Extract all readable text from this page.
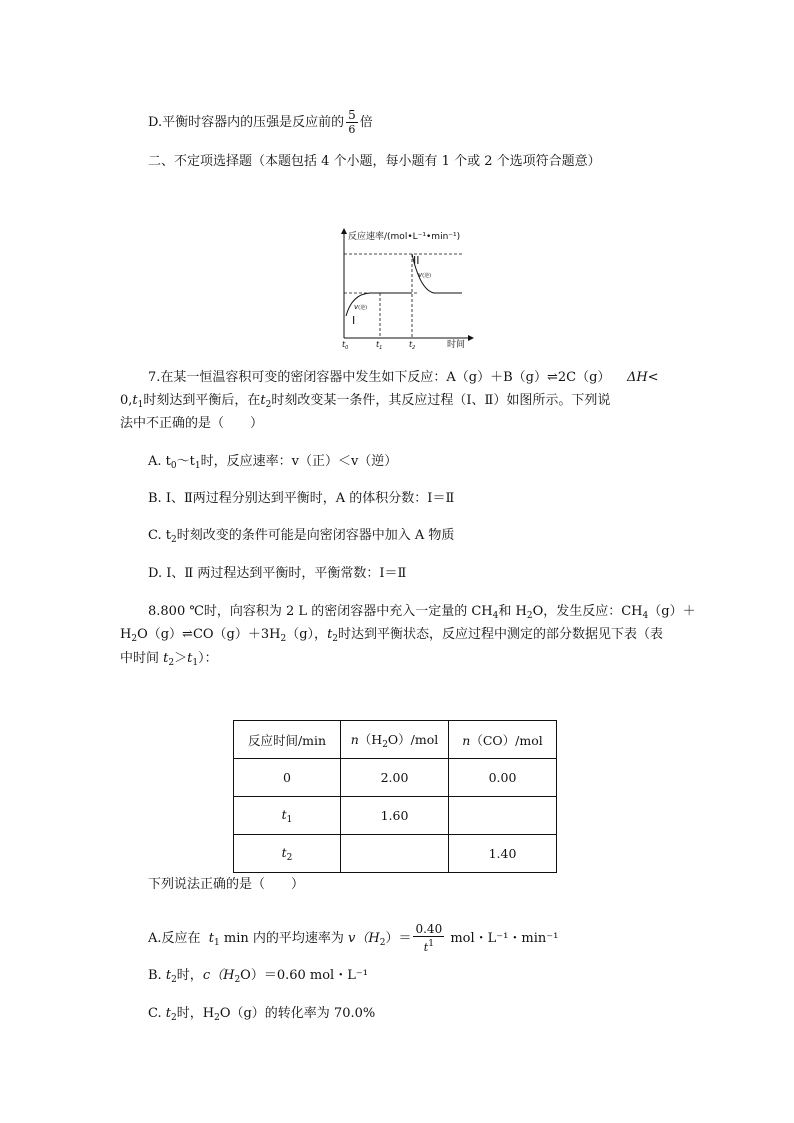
D.平衡时容器内的压强是反应前的 $\frac{5}{6}$ 倍
二、不定项选择题（本题包括 4 个小题，每小题有 1 个或 2 个选项符合题意）
反应速率/(mol•L⁻¹•min⁻¹)
I
II
v(逆)
v(逆)
$t_0$	$t_1$	$t_2$	时间
7.在某一恒温容积可变的密闭容器中发生如下反应：A（g）＋B（g）⇌2C（g） ΔH<
$0,t_1$时刻达到平衡后，在$t_2$时刻改变某一条件，其反应过程（Ⅰ、Ⅱ）如图所示。下列说
法中不正确的是（　　）
A. $t_0\sim t_1$时，反应速率：v（正）＜v（逆）
B. Ⅰ、Ⅱ两过程分别达到平衡时，A 的体积分数：Ⅰ＝Ⅱ
C. $t_2$时刻改变的条件可能是向密闭容器中加入 A 物质
D. Ⅰ、Ⅱ 两过程达到平衡时，平衡常数：Ⅰ＝Ⅱ
8.800 ℃时，向容积为 2 L 的密闭容器中充入一定量的 $CH_4$和 $H_2O$，发生反应：$CH_4(g)+$
$H_2O(g)\rightleftharpoons CO(g)+3H_2(g)$，$t_2$时达到平衡状态，反应过程中测定的部分数据见下表（表
中时间 $t_2>t_1$）：
反应时间/min	$n(H_2O)$/mol	n（CO）/mol
0	2.00	0.00
$t_1$	1.60	
$t_2$		1.40
下列说法正确的是（　　）
A.反应在 $t_1$ min 内的平均速率为 $v(H_2)= \frac{0.40}{t^1}$ mol・L⁻¹・min⁻¹
B. $t_2$时，$c(H_2O)=0.60$ mol・L⁻¹
C. $t_2$时，$H_2O(g)$的转化率为 70.0%
